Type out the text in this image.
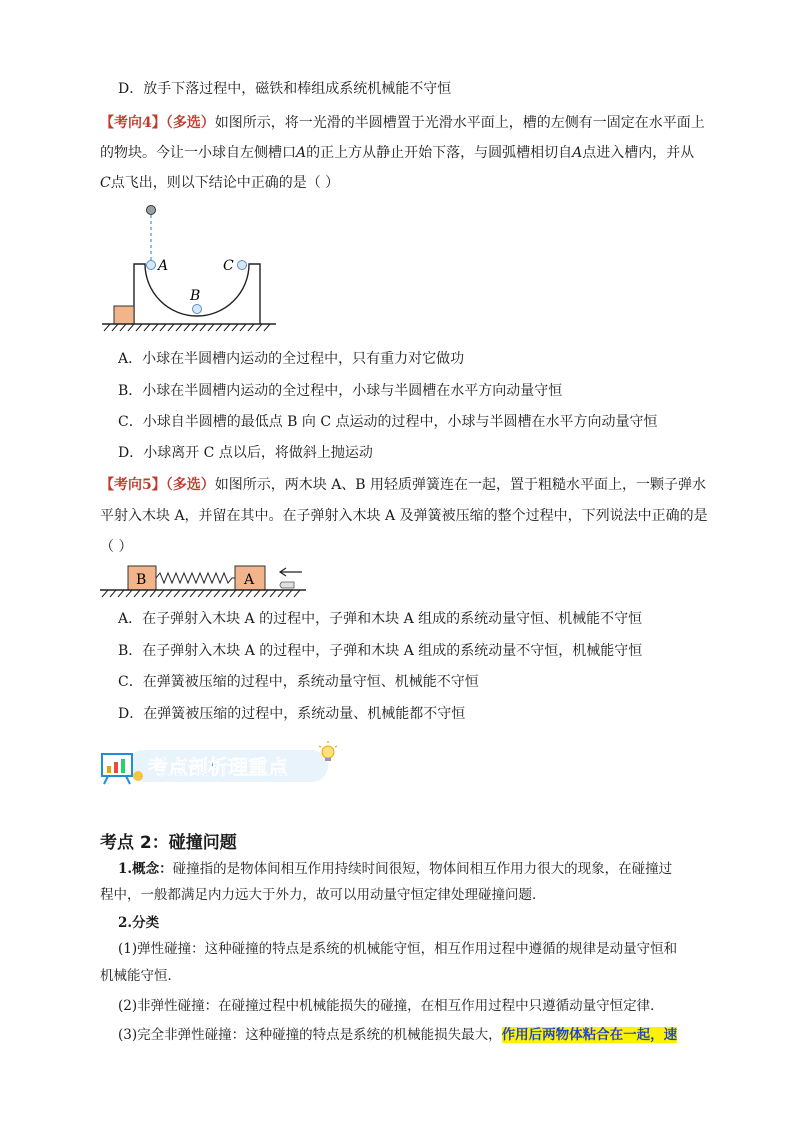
D．放手下落过程中，磁铁和棒组成系统机械能不守恒
【考向4】（多选）如图所示，将一光滑的半圆槽置于光滑水平面上，槽的左侧有一固定在水平面上
的物块。今让一小球自左侧槽口A的正上方从静止开始下落，与圆弧槽相切自A点进入槽内，并从
C点飞出，则以下结论中正确的是（ ）
A
B
C
A．小球在半圆槽内运动的全过程中，只有重力对它做功
B．小球在半圆槽内运动的全过程中，小球与半圆槽在水平方向动量守恒
C．小球自半圆槽的最低点 B 向 C 点运动的过程中，小球与半圆槽在水平方向动量守恒
D．小球离开 C 点以后，将做斜上抛运动
【考向5】（多选）如图所示，两木块 A、B 用轻质弹簧连在一起，置于粗糙水平面上，一颗子弹水
平射入木块 A，并留在其中。在子弹射入木块 A 及弹簧被压缩的整个过程中，下列说法中正确的是
（ ）
B	A
A．在子弹射入木块 A 的过程中，子弹和木块 A 组成的系统动量守恒、机械能不守恒
B．在子弹射入木块 A 的过程中，子弹和木块 A 组成的系统动量不守恒，机械能守恒
C．在弹簧被压缩的过程中，系统动量守恒、机械能不守恒
D．在弹簧被压缩的过程中，系统动量、机械能都不守恒
考点剖析理重点
考点 2：碰撞问题
1.概念：碰撞指的是物体间相互作用持续时间很短，物体间相互作用力很大的现象，在碰撞过
程中，一般都满足内力远大于外力，故可以用动量守恒定律处理碰撞问题．
2.分类
(1)弹性碰撞：这种碰撞的特点是系统的机械能守恒，相互作用过程中遵循的规律是动量守恒和
机械能守恒．
(2)非弹性碰撞：在碰撞过程中机械能损失的碰撞，在相互作用过程中只遵循动量守恒定律．
(3)完全非弹性碰撞：这种碰撞的特点是系统的机械能损失最大，作用后两物体粘合在一起，速
